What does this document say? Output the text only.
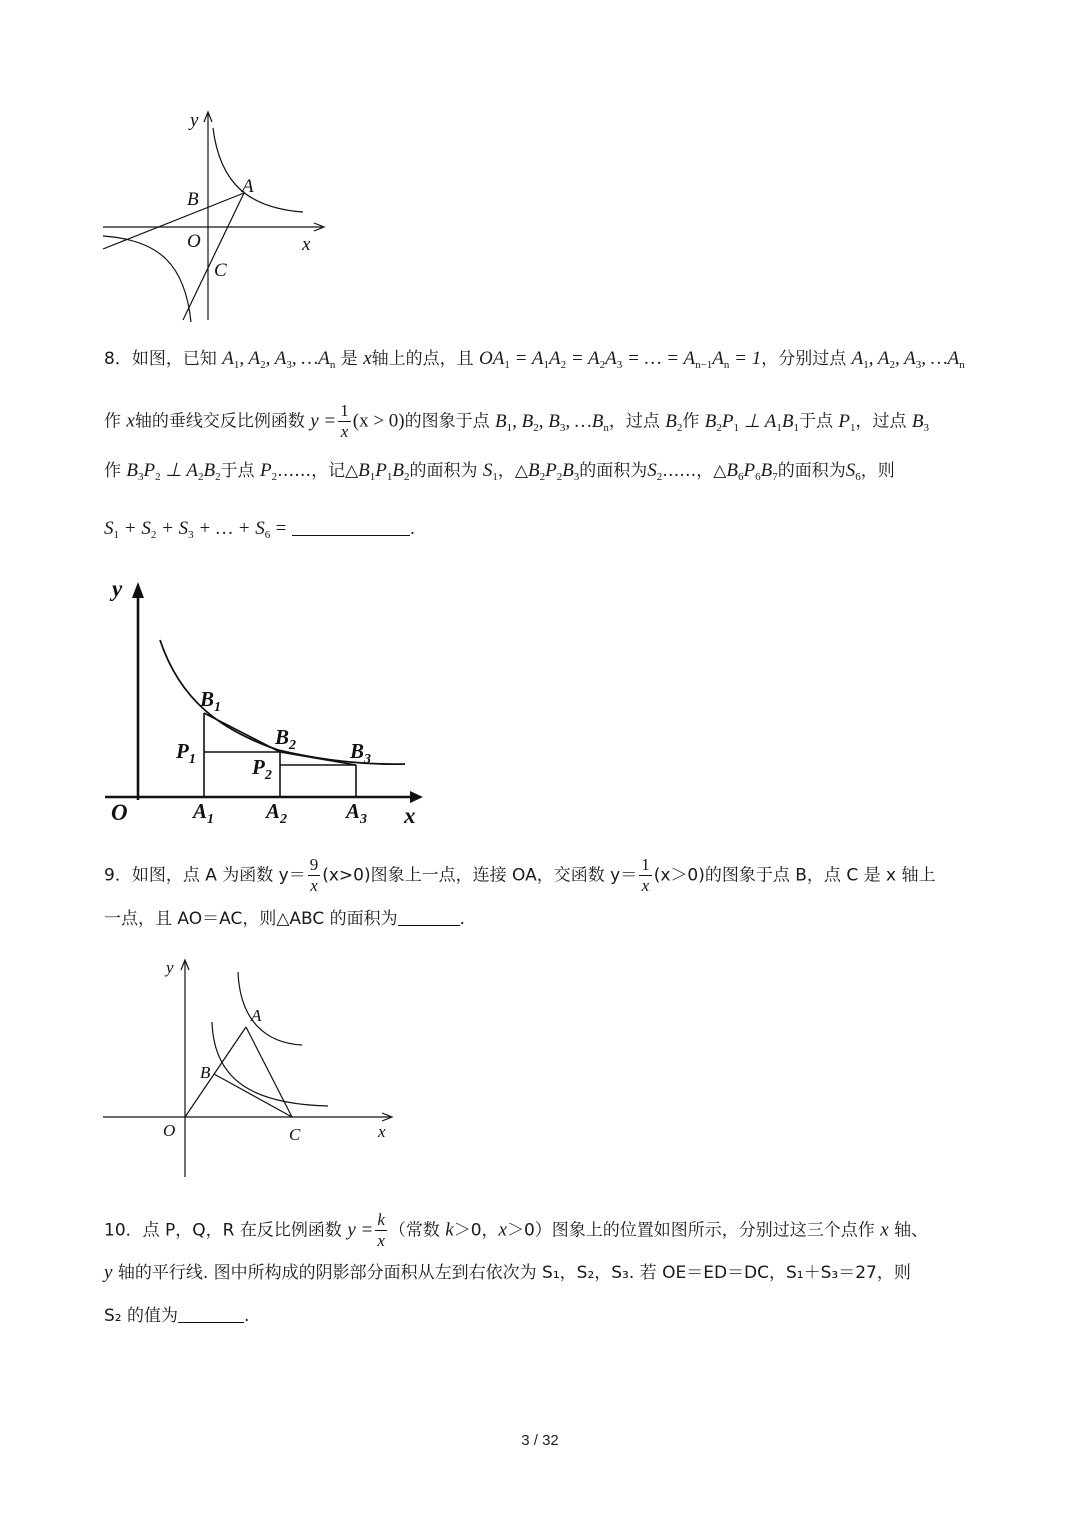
y
A
B
O	x
C
8．如图，已知 $A_1$, $A_2$, $A_3$, $\dots A_n$ 是 x轴上的点，且 $OA_1 = A_1A_2 = A_2A_3$ = … = $A_{n-1}A_n = 1$，分别过点 $A_1$, $A_2$, $A_3$, $\dots A_n$
作 x轴的垂线交反比例函数 $y = \frac{1}{x} (x > 0)$的图象于点 $B_1$, $B_2$, $B_3$, $\dots B_n$，过点 $B_2$作 $B_2P_1$ ⊥ $A_1B_1$于点 $P_1$，过点 $B_3$
作 $B_3P_2$ ⊥ $A_2B_2$于点 $P_2\dots\dots$，记$\triangle B_1P_1B_2$的面积为 $S_1$，$\triangle B_2P_2B_3$的面积为$S_2\dots\dots$，$\triangle B_6P_6B_7$的面积为$S_6$，则
$S_1 + S_2 + S_3$ + … + $S_6$ =	.
y
$B_1$
$B_2$	$B_3$
$P_1$	$P_2$
O	$A_1$ $A_2$	$A_3$ x
9．如图，点 A 为函数 $y= \frac{9}{x} (x>0)$图象上一点，连接 OA，交函数 $y= \frac{1}{x} (x>0)$的图象于点 B，点 C 是 x 轴上
一点，且 AO＝AC，则△ABC 的面积为	.
y
A
B
O	C	x
10．点 P，Q，R 在反比例函数 $y = \frac{k}{x}$ （常数 k＞0，x＞0）图象上的位置如图所示，分别过这三个点作 x 轴、
y 轴的平行线. 图中所构成的阴影部分面积从左到右依次为 S₁，S₂，S₃. 若 OE＝ED＝DC，S₁＋S₃＝27，则
S₂ 的值为	.
3 / 32
